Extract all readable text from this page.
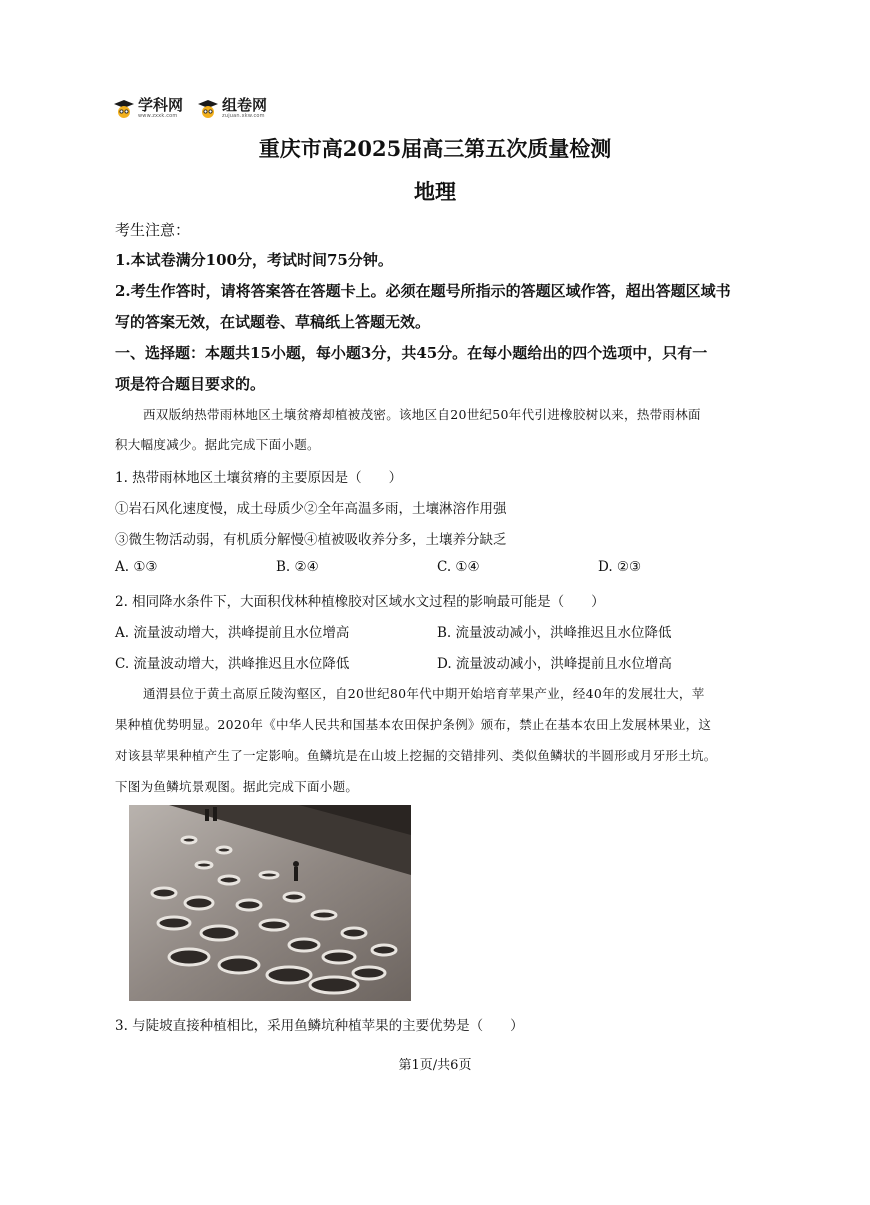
学科网
www.zxxk.com
组卷网
zujuan.xkw.com
重庆市高2025届高三第五次质量检测
地理
考生注意：
1.本试卷满分100分，考试时间75分钟。
2.考生作答时，请将答案答在答题卡上。必须在题号所指示的答题区域作答，超出答题区域书
写的答案无效，在试题卷、草稿纸上答题无效。
一、选择题：本题共15小题，每小题3分，共45分。在每小题给出的四个选项中，只有一
项是符合题目要求的。
西双版纳热带雨林地区土壤贫瘠却植被茂密。该地区自20世纪50年代引进橡胶树以来，热带雨林面
积大幅度减少。据此完成下面小题。
1. 热带雨林地区土壤贫瘠的主要原因是（　　）
①岩石风化速度慢，成土母质少②全年高温多雨，土壤淋溶作用强
③微生物活动弱，有机质分解慢④植被吸收养分多，土壤养分缺乏
A. ①③	B. ②④	C. ①④	D. ②③
2. 相同降水条件下，大面积伐林种植橡胶对区域水文过程的影响最可能是（　　）
A. 流量波动增大，洪峰提前且水位增高	B. 流量波动减小，洪峰推迟且水位降低
C. 流量波动增大，洪峰推迟且水位降低	D. 流量波动减小，洪峰提前且水位增高
通渭县位于黄土高原丘陵沟壑区，自20世纪80年代中期开始培育苹果产业，经40年的发展壮大，苹
果种植优势明显。2020年《中华人民共和国基本农田保护条例》颁布，禁止在基本农田上发展林果业，这
对该县苹果种植产生了一定影响。鱼鳞坑是在山坡上挖掘的交错排列、类似鱼鳞状的半圆形或月牙形土坑。
下图为鱼鳞坑景观图。据此完成下面小题。
3. 与陡坡直接种植相比，采用鱼鳞坑种植苹果的主要优势是（　　）
第1页/共6页
